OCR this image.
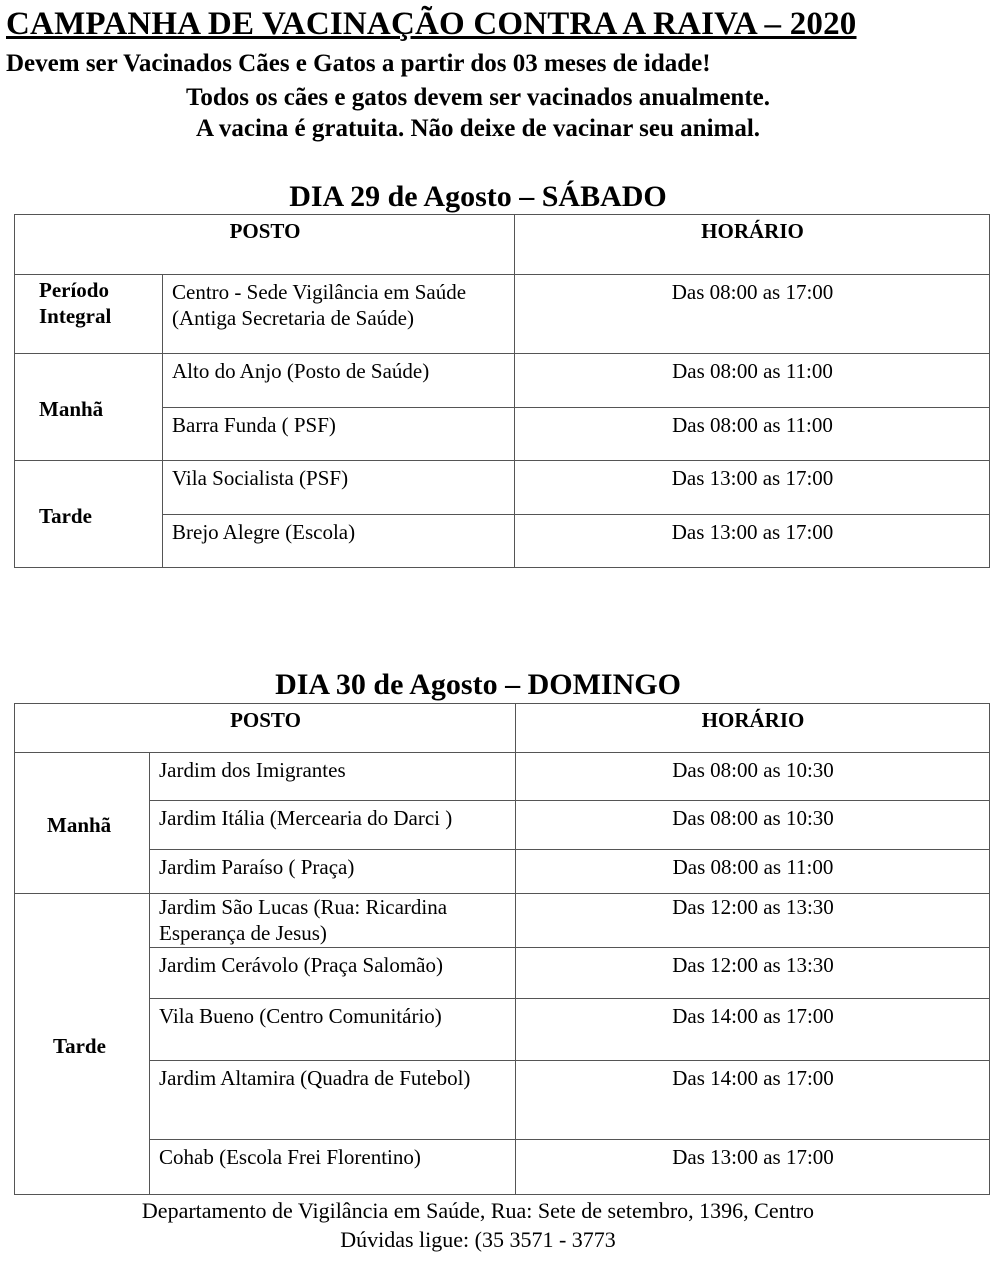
CAMPANHA DE VACINAÇÃO CONTRA A RAIVA – 2020
Devem ser Vacinados Cães e Gatos a partir dos 03 meses de idade!
Todos os cães e gatos devem ser vacinados anualmente.
A vacina é gratuita. Não deixe de vacinar seu animal.
DIA 29 de Agosto – SÁBADO
POSTO		HORÁRIO
Período Integral	Centro - Sede Vigilância em Saúde (Antiga Secretaria de Saúde)	Das 08:00 as 17:00
Manhã	Alto do Anjo (Posto de Saúde)	Das 08:00 as 11:00
	Barra Funda ( PSF)	Das 08:00 as 11:00
Tarde	Vila Socialista (PSF)	Das 13:00 as 17:00
	Brejo Alegre (Escola)	Das 13:00 as 17:00
DIA 30 de Agosto – DOMINGO
POSTO		HORÁRIO
Manhã	Jardim dos Imigrantes	Das 08:00 as 10:30
	Jardim Itália (Mercearia do Darci )	Das 08:00 as 10:30
	Jardim Paraíso ( Praça)	Das 08:00 as 11:00
Tarde	Jardim São Lucas (Rua: Ricardina Esperança de Jesus)	Das 12:00 as 13:30
	Jardim Cerávolo (Praça Salomão)	Das 12:00 as 13:30
	Vila Bueno (Centro Comunitário)	Das 14:00 as 17:00
	Jardim Altamira (Quadra de Futebol)	Das 14:00 as 17:00
	Cohab (Escola Frei Florentino)	Das 13:00 as 17:00
Departamento de Vigilância em Saúde, Rua: Sete de setembro, 1396, Centro
Dúvidas ligue: (35 3571 - 3773
